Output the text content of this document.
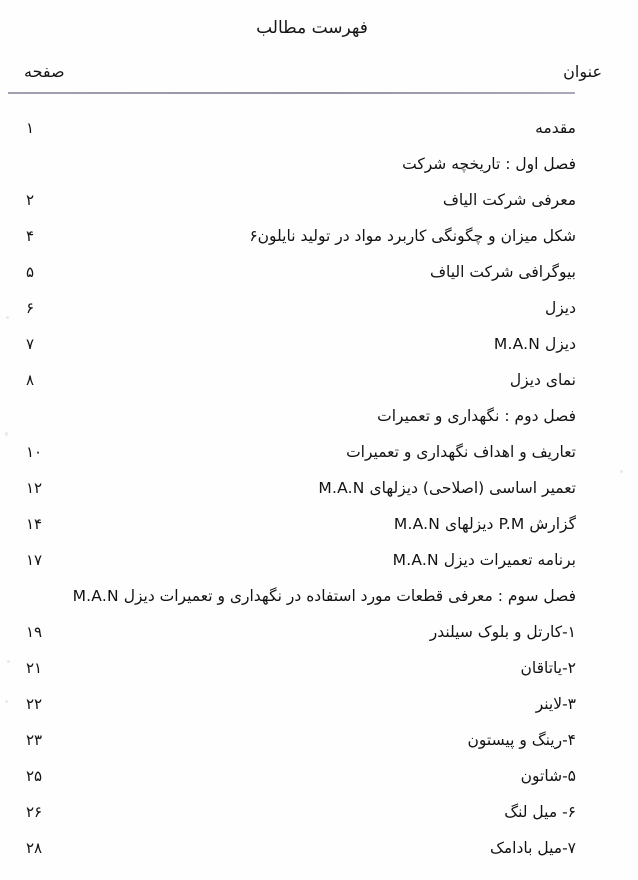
فهرست مطالب
عنوان
صفحه
مقدمه
.....
۱
فصل اول : تاریخچه شرکت
معرفی شرکت الیاف
.....
۲
شکل میزان و چگونگی کاربرد مواد در تولید نایلون۶
.....
۴
بیوگرافی شرکت الیاف
.....
۵
دیزل
.....
۶
دیزل M.A.N
.....
۷
نمای دیزل
.....
۸
فصل دوم : نگهداری و تعمیرات
تعاریف و اهداف نگهداری و تعمیرات
.....
۱۰
تعمیر اساسی (اصلاحی) دیزلهای M.A.N
.....
۱۲
گزارش P.M دیزلهای M.A.N
.....
۱۴
برنامه تعمیرات دیزل M.A.N
.....
۱۷
فصل سوم : معرفی قطعات مورد استفاده در نگهداری و تعمیرات دیزل M.A.N
۱-کارتل و بلوک سیلندر
.....
۱۹
۲-یاتاقان
.....
۲۱
۳-لاینر
.....
۲۲
۴-رینگ و پیستون
.....
۲۳
۵-شاتون
.....
۲۵
۶- میل لنگ
.....
۲۶
۷-میل بادامک
.....
۲۸
